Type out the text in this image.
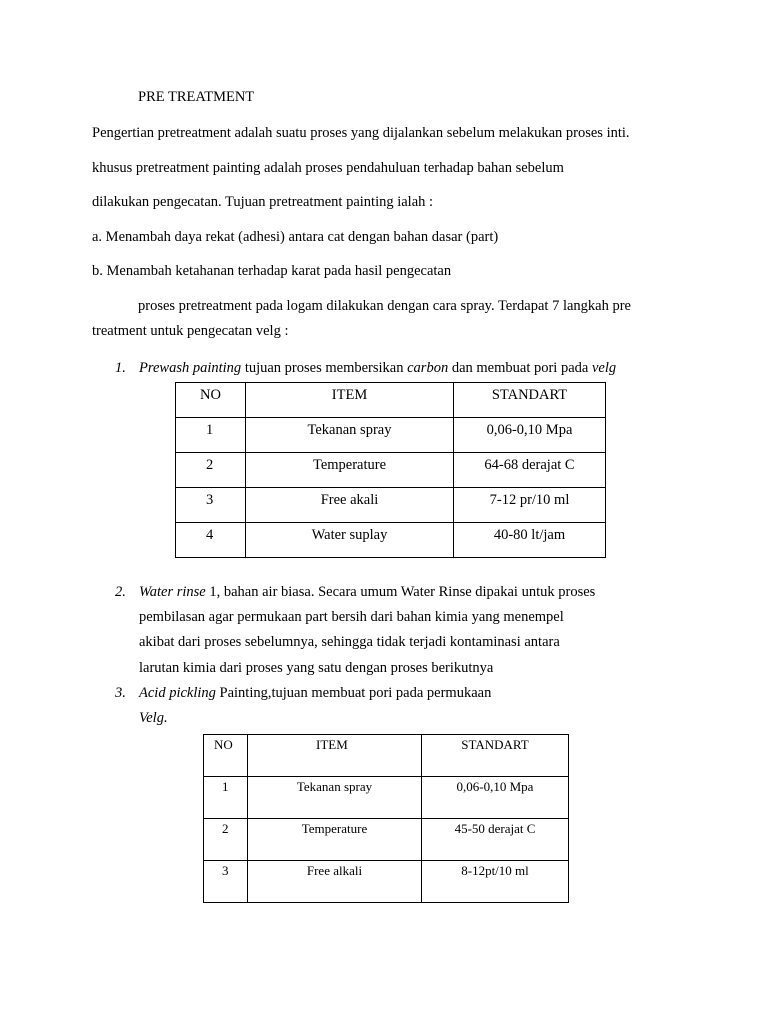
PRE TREATMENT
Pengertian pretreatment adalah suatu proses yang dijalankan sebelum melakukan proses inti.
khusus pretreatment painting adalah proses pendahuluan terhadap bahan sebelum
dilakukan pengecatan. Tujuan pretreatment painting ialah :
a. Menambah daya rekat (adhesi) antara cat dengan bahan dasar (part)
b. Menambah ketahanan terhadap karat pada hasil pengecatan
proses pretreatment pada logam dilakukan dengan cara spray. Terdapat 7 langkah pre
treatment untuk pengecatan velg :
1. Prewash painting tujuan proses membersikan carbon dan membuat pori pada velg
NO	ITEM	STANDART
1	Tekanan spray	0,06-0,10 Mpa
2	Temperature	64-68 derajat C
3	Free akali	7-12 pr/10 ml
4	Water suplay	40-80 lt/jam
2. Water rinse 1, bahan air biasa. Secara umum Water Rinse dipakai untuk proses
pembilasan agar permukaan part bersih dari bahan kimia yang menempel
akibat dari proses sebelumnya, sehingga tidak terjadi kontaminasi antara
larutan kimia dari proses yang satu dengan proses berikutnya
3. Acid pickling Painting,tujuan membuat pori pada permukaan
Velg.
NO	ITEM	STANDART
1	Tekanan spray	0,06-0,10 Mpa
2	Temperature	45-50 derajat C
3	Free alkali	8-12pt/10 ml
